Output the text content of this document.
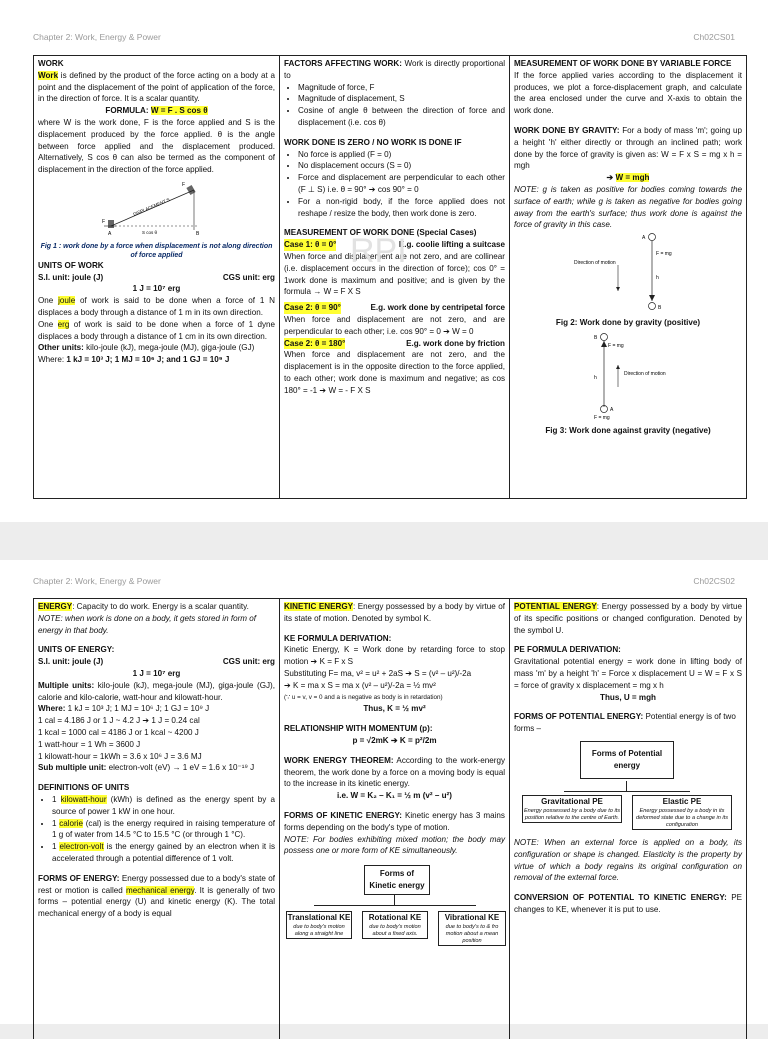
Chapter 2: Work, Energy & Power	Ch02CS01

WORK

Work is defined by the product of the force acting on a body at a point and the displacement of the point of application of the force, in the direction of force. It is a scalar quantity.

FORMULA: W = F . S cos θ

where W is the work done, F is the force applied and S is the displacement produced by the force applied. θ is the angle between force applied and the displacement produced. Alternatively, S cos θ can also be termed as the component of displacement in the direction of the force applied.

F
F
DISPLACEMENT S
A	B
S cos θ

Fig 1 : work done by a force when displacement is not along direction of force applied

UNITS OF WORK

S.I. unit: joule (J)	CGS unit: erg

1 J = 10⁷ erg

One joule of work is said to be done when a force of 1 N displaces a body through a distance of 1 m in its own direction.

One erg of work is said to be done when a force of 1 dyne displaces a body through a distance of 1 cm in its own direction.

Other units: kilo-joule (kJ), mega-joule (MJ), giga-joule (GJ)

Where: 1 kJ = 10³ J; 1 MJ = 10⁶ J; and 1 GJ = 10⁹ J

FACTORS AFFECTING WORK: Work is directly proportional to

• Magnitude of force, F
• Magnitude of displacement, S
• Cosine of angle θ between the direction of force and displacement (i.e. cos θ)

WORK DONE IS ZERO / NO WORK IS DONE IF

• No force is applied (F = 0)
• No displacement occurs (S = 0)
• Force and displacement are perpendicular to each other (F ⊥ S) i.e. θ = 90° ➔ cos 90° = 0
• For a non-rigid body, if the force applied does not reshape / resize the body, then work done is zero.

MEASUREMENT OF WORK DONE (Special Cases)

Case 1: θ = 0°	E.g. coolie lifting a suitcase

When force and displacement are not zero, and are collinear (i.e. displacement occurs in the direction of force); cos 0° = 1work done is maximum and positive; and is given by the formula → W = F X S

Case 2: θ = 90°	E.g. work done by centripetal force

When force and displacement are not zero, and are perpendicular to each other; i.e. cos 90° = 0 ➔ W = 0

Case 2: θ = 180°	E.g. work done by friction

When force and displacement are not zero, and the displacement is in the opposite direction to the force applied, to each other; work done is maximum and negative; as cos 180° = -1 ➔ W = - F X S

RPI

MEASUREMENT OF WORK DONE BY VARIABLE FORCE

If the force applied varies according to the displacement it produces, we plot a force-displacement graph, and calculate the area enclosed under the curve and X-axis to obtain the work done.

WORK DONE BY GRAVITY: For a body of mass 'm'; going up a height 'h' either directly or through an inclined path; work done by the force of gravity is given as: W = F x S = mg x h = mgh

➔ W = mgh

NOTE: g is taken as positive for bodies coming towards the surface of earth; while g is taken as negative for bodies going away from the earth's surface; thus work done is against the force of gravity in this case.

A
F = mg
Direction of motion
h
B

Fig 2: Work done by gravity (positive)

B
F = mg
h
Direction of motion
F = mg
A

Fig 3: Work done against gravity (negative)

Chapter 2: Work, Energy & Power	Ch02CS02

ENERGY: Capacity to do work. Energy is a scalar quantity.

NOTE: when work is done on a body, it gets stored in form of energy in that body.

UNITS OF ENERGY:

S.I. unit: joule (J)	CGS unit: erg

1 J = 10⁷ erg

Multiple units: kilo-joule (kJ), mega-joule (MJ), giga-joule (GJ), calorie and kilo-calorie, watt-hour and kilowatt-hour.

Where: 1 kJ = 10³ J; 1 MJ = 10⁶ J; 1 GJ = 10⁹ J

1 cal = 4.186 J or 1 J ~ 4.2 J ➔ 1 J = 0.24 cal

1 kcal = 1000 cal = 4186 J or 1 kcal ~ 4200 J

1 watt-hour = 1 Wh = 3600 J

1 kilowatt-hour = 1kWh = 3.6 x 10⁶ J = 3.6 MJ

Sub multiple unit: electron-volt (eV) → 1 eV = 1.6 x 10⁻¹⁹ J

DEFINITIONS OF UNITS

• 1 kilowatt-hour (kWh) is defined as the energy spent by a source of power 1 kW in one hour.
• 1 calorie (cal) is the energy required in raising temperature of 1 g of water from 14.5 °C to 15.5 °C (or through 1 °C).
• 1 electron-volt is the energy gained by an electron when it is accelerated through a potential difference of 1 volt.

FORMS OF ENERGY: Energy possessed due to a body's state of rest or motion is called mechanical energy. It is generally of two forms – potential energy (U) and kinetic energy (K). The total mechanical energy of a body is equal

KINETIC ENERGY: Energy possessed by a body by virtue of its state of motion. Denoted by symbol K.

KE FORMULA DERIVATION:

Kinetic Energy, K = Work done by retarding force to stop motion ➔ K = F x S

Substituting F= ma, v² = u² + 2aS ➔ S = (v² – u²)/-2a

➔ K = ma x S = ma x (v² – u²)/-2a = ½ mv²

(∵ u = v, v = 0 and a is negative as body is in retardation)

Thus, K = ½ mv²

RELATIONSHIP WITH MOMENTUM (p):

p = √2mK ➔ K = p²/2m

WORK ENERGY THEOREM: According to the work-energy theorem, the work done by a force on a moving body is equal to the increase in its kinetic energy.

i.e. W = K₂ – K₁ = ½ m (v² – u²)

FORMS OF KINETIC ENERGY: Kinetic energy has 3 mains forms depending on the body's type of motion.

NOTE: For bodies exhibiting mixed motion; the body may possess one or more form of KE simultaneously.

Forms of Kinetic energy
Translational KE
due to body's motion along a straight line
Rotational KE
due to body's motion about a fixed axis.
Vibrational KE
due to body's to & fro motion about a mean position

POTENTIAL ENERGY: Energy possessed by a body by virtue of its specific positions or changed configuration. Denoted by the symbol U.

PE FORMULA DERIVATION:

Gravitational potential energy = work done in lifting body of mass 'm' by a height 'h' = Force x displacement U = W = F x S = force of gravity x displacement = mg x h

Thus, U = mgh

FORMS OF POTENTIAL ENERGY: Potential energy is of two forms –

Forms of Potential energy
Gravitational PE
Energy possessed by a body due to its position relative to the centre of Earth.
Elastic PE
Energy possessed by a body in its deformed state due to a change in its configuration

NOTE: When an external force is applied on a body, its configuration or shape is changed. Elasticity is the property by virtue of which a body regains its original configuration on removal of the external force.

CONVERSION OF POTENTIAL TO KINETIC ENERGY: PE changes to KE, whenever it is put to use.
